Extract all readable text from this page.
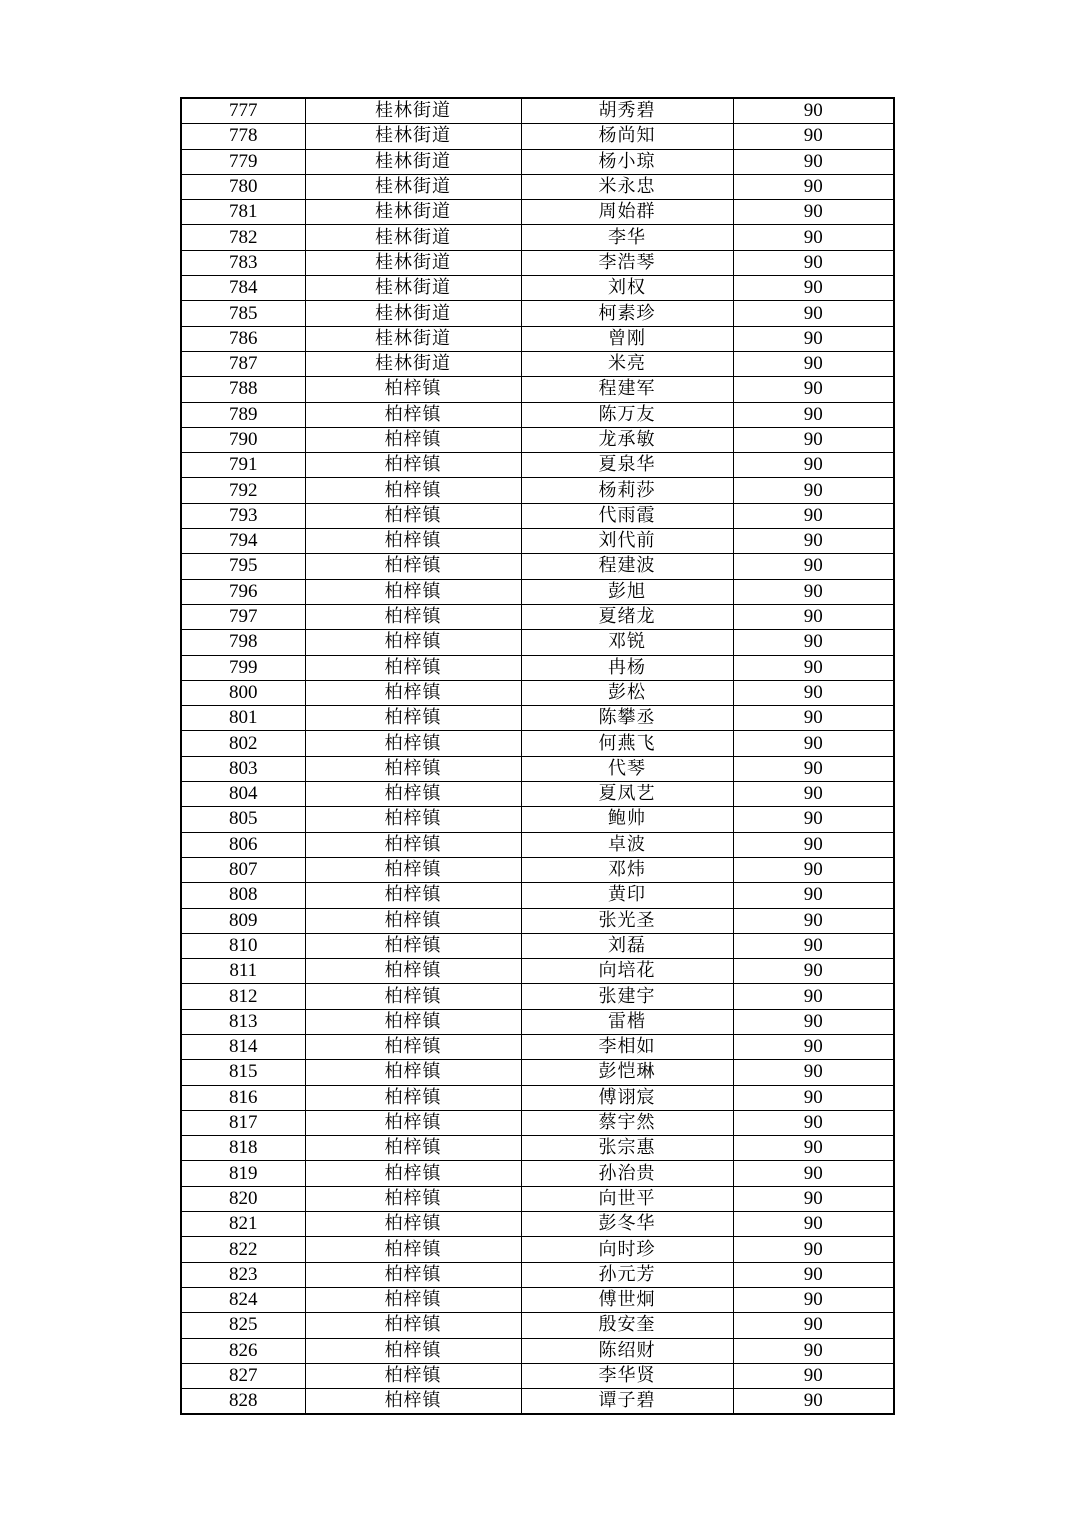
777	桂林街道	胡秀碧	90
778	桂林街道	杨尚知	90
779	桂林街道	杨小琼	90
780	桂林街道	米永忠	90
781	桂林街道	周始群	90
782	桂林街道	李华	90
783	桂林街道	李浩琴	90
784	桂林街道	刘权	90
785	桂林街道	柯素珍	90
786	桂林街道	曾刚	90
787	桂林街道	米亮	90
788	柏梓镇	程建军	90
789	柏梓镇	陈万友	90
790	柏梓镇	龙承敏	90
791	柏梓镇	夏泉华	90
792	柏梓镇	杨莉莎	90
793	柏梓镇	代雨霞	90
794	柏梓镇	刘代前	90
795	柏梓镇	程建波	90
796	柏梓镇	彭旭	90
797	柏梓镇	夏绪龙	90
798	柏梓镇	邓锐	90
799	柏梓镇	冉杨	90
800	柏梓镇	彭松	90
801	柏梓镇	陈攀丞	90
802	柏梓镇	何燕飞	90
803	柏梓镇	代琴	90
804	柏梓镇	夏凤艺	90
805	柏梓镇	鲍帅	90
806	柏梓镇	卓波	90
807	柏梓镇	邓炜	90
808	柏梓镇	黄印	90
809	柏梓镇	张光圣	90
810	柏梓镇	刘磊	90
811	柏梓镇	向培花	90
812	柏梓镇	张建宇	90
813	柏梓镇	雷楷	90
814	柏梓镇	李相如	90
815	柏梓镇	彭恺琳	90
816	柏梓镇	傅诩宸	90
817	柏梓镇	蔡宇然	90
818	柏梓镇	张宗惠	90
819	柏梓镇	孙治贵	90
820	柏梓镇	向世平	90
821	柏梓镇	彭冬华	90
822	柏梓镇	向时珍	90
823	柏梓镇	孙元芳	90
824	柏梓镇	傅世炯	90
825	柏梓镇	殷安奎	90
826	柏梓镇	陈绍财	90
827	柏梓镇	李华贤	90
828	柏梓镇	谭子碧	90
